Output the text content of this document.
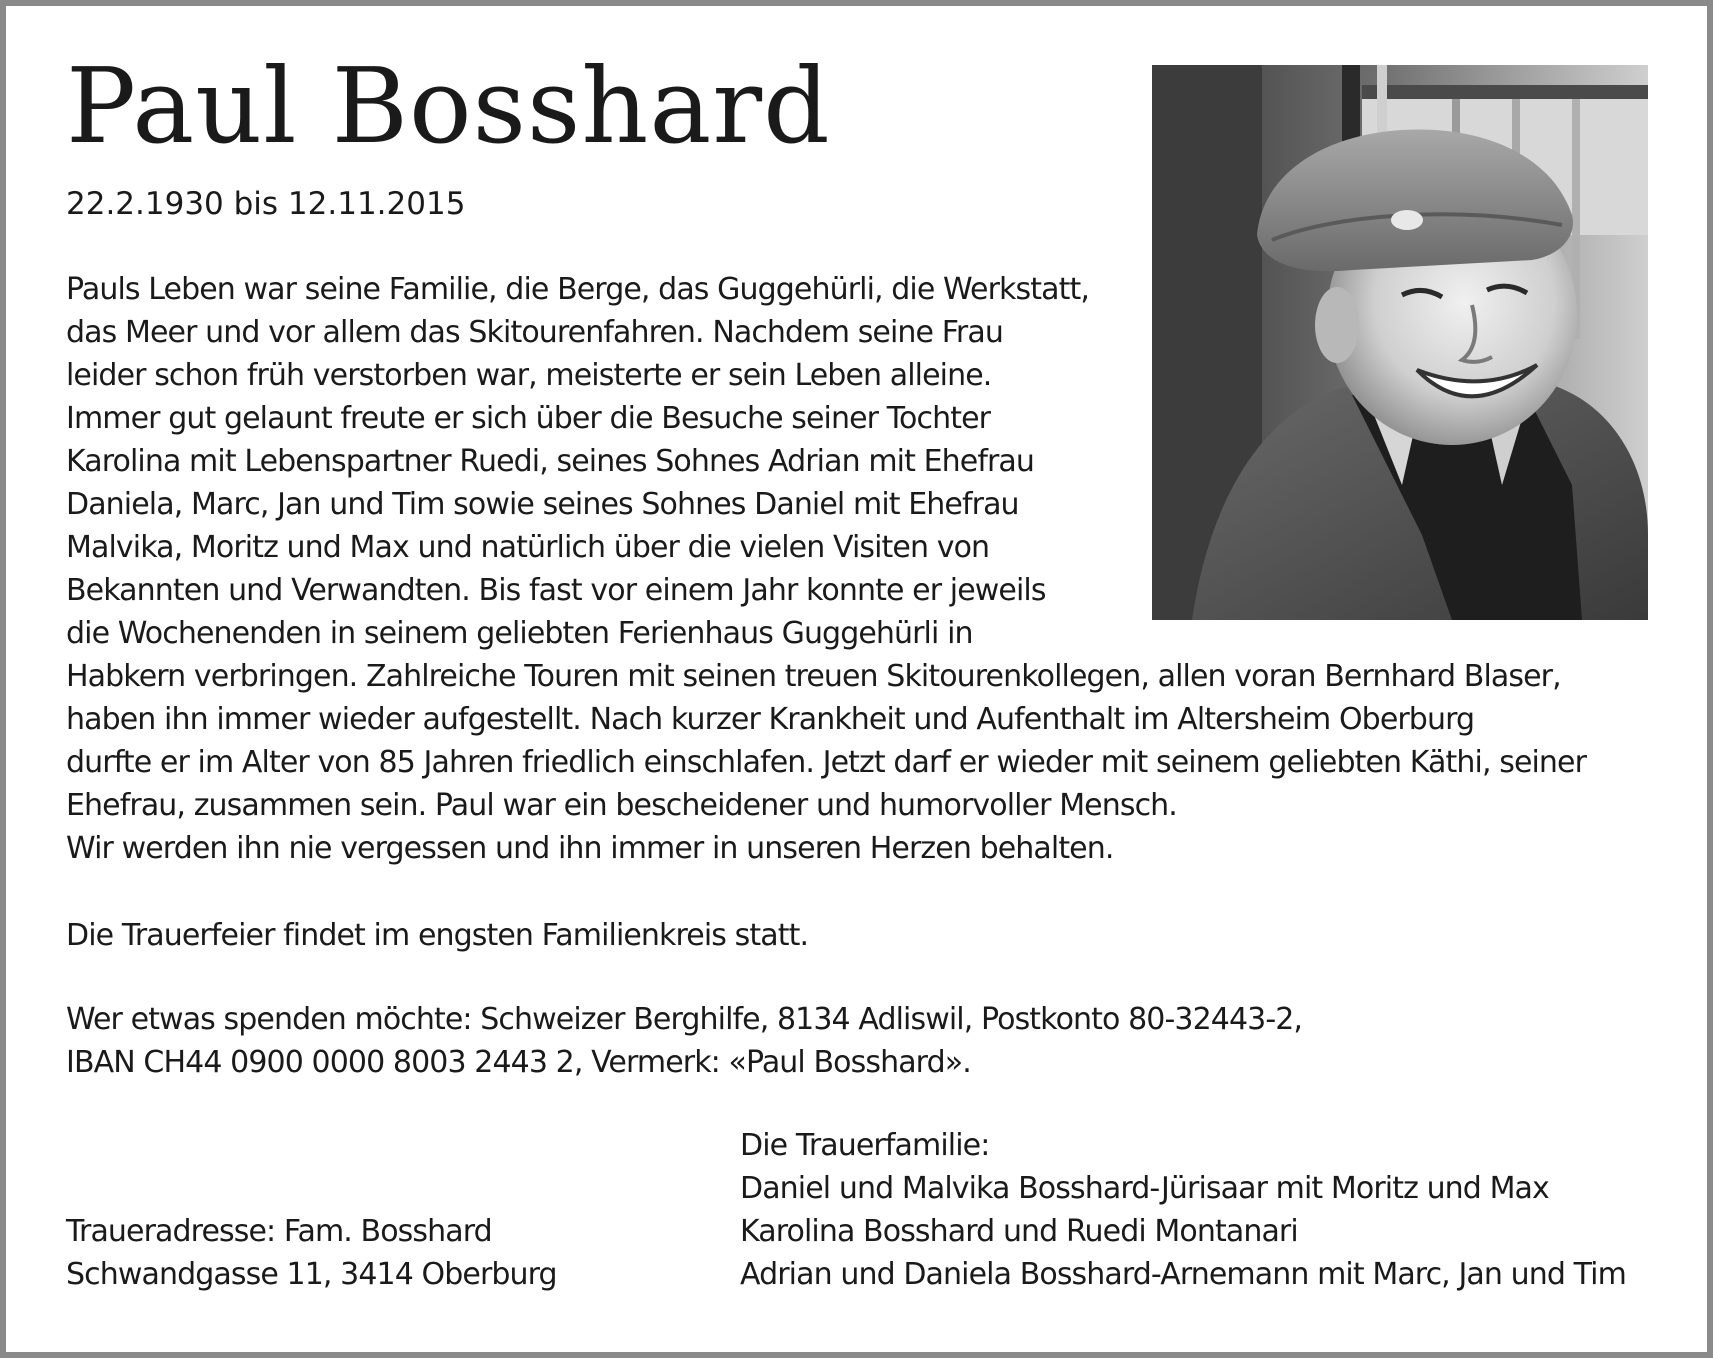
Paul Bosshard
22.2.1930 bis 12.11.2015
Pauls Leben war seine Familie, die Berge, das Guggehürli, die Werkstatt,
das Meer und vor allem das Skitourenfahren. Nachdem seine Frau
leider schon früh verstorben war, meisterte er sein Leben alleine.
Immer gut gelaunt freute er sich über die Besuche seiner Tochter
Karolina mit Lebenspartner Ruedi, seines Sohnes Adrian mit Ehefrau
Daniela, Marc, Jan und Tim sowie seines Sohnes Daniel mit Ehefrau
Malvika, Moritz und Max und natürlich über die vielen Visiten von
Bekannten und Verwandten. Bis fast vor einem Jahr konnte er jeweils
die Wochenenden in seinem geliebten Ferienhaus Guggehürli in
Habkern verbringen. Zahlreiche Touren mit seinen treuen Skitourenkollegen, allen voran Bernhard Blaser,
haben ihn immer wieder aufgestellt. Nach kurzer Krankheit und Aufenthalt im Altersheim Oberburg
durfte er im Alter von 85 Jahren friedlich einschlafen. Jetzt darf er wieder mit seinem geliebten Käthi, seiner
Ehefrau, zusammen sein. Paul war ein bescheidener und humorvoller Mensch.
Wir werden ihn nie vergessen und ihn immer in unseren Herzen behalten.
Die Trauerfeier findet im engsten Familienkreis statt.
Wer etwas spenden möchte: Schweizer Berghilfe, 8134 Adliswil, Postkonto 80-32443-2,
IBAN CH44 0900 0000 8003 2443 2, Vermerk: «Paul Bosshard».
Die Trauerfamilie:
Daniel und Malvika Bosshard-Jürisaar mit Moritz und Max
Karolina Bosshard und Ruedi Montanari
Adrian und Daniela Bosshard-Arnemann mit Marc, Jan und Tim
Traueradresse: Fam. Bosshard
Schwandgasse 11, 3414 Oberburg
